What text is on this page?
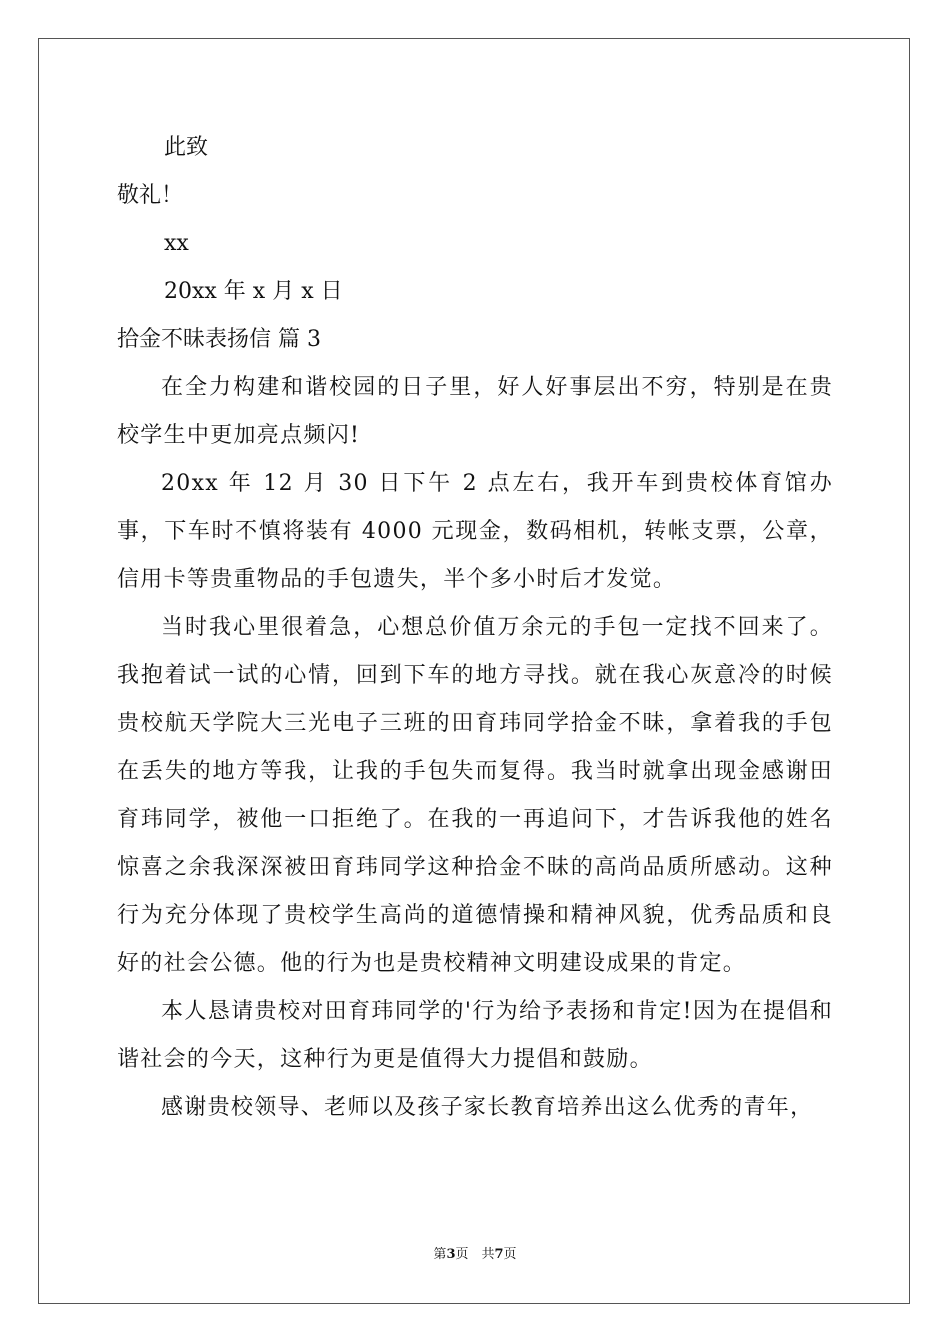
此致
敬礼！
xx
20xx 年 x 月 x 日
拾金不昧表扬信 篇 3
在全力构建和谐校园的日子里，好人好事层出不穷，特别是在贵校学生中更加亮点频闪!
20xx 年 12 月 30 日下午 2 点左右，我开车到贵校体育馆办事，下车时不慎将装有 4000 元现金，数码相机，转帐支票，公章，信用卡等贵重物品的手包遗失，半个多小时后才发觉。
当时我心里很着急，心想总价值万余元的手包一定找不回来了。我抱着试一试的心情，回到下车的地方寻找。就在我心灰意冷的时候贵校航天学院大三光电子三班的田育玮同学拾金不昧，拿着我的手包在丢失的地方等我，让我的手包失而复得。我当时就拿出现金感谢田育玮同学，被他一口拒绝了。在我的一再追问下，才告诉我他的姓名惊喜之余我深深被田育玮同学这种拾金不昧的高尚品质所感动。这种行为充分体现了贵校学生高尚的道德情操和精神风貌，优秀品质和良好的社会公德。他的行为也是贵校精神文明建设成果的肯定。
本人恳请贵校对田育玮同学的'行为给予表扬和肯定!因为在提倡和谐社会的今天，这种行为更是值得大力提倡和鼓励。
感谢贵校领导、老师以及孩子家长教育培养出这么优秀的青年，
第3页　共7页
